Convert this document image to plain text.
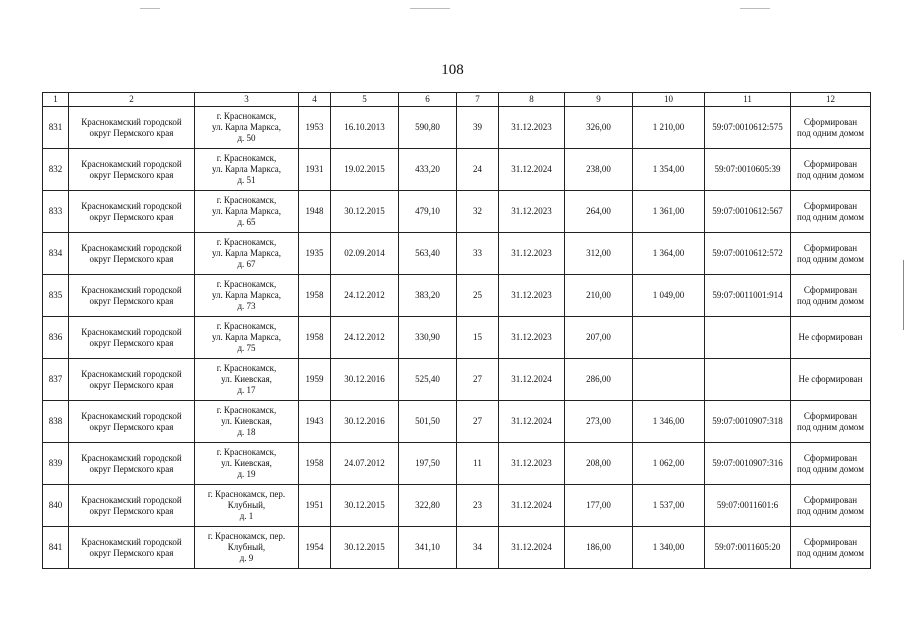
108
1	2	3	4	5	6	7	8	9	10	11	12
831	Краснокамский городской
округ Пермского края	г. Краснокамск,
ул. Карла Маркса,
д. 50	1953	16.10.2013	590,80	39	31.12.2023	326,00	1 210,00	59:07:0010612:575	Сформирован
под одним домом
832	Краснокамский городской
округ Пермского края	г. Краснокамск,
ул. Карла Маркса,
д. 51	1931	19.02.2015	433,20	24	31.12.2024	238,00	1 354,00	59:07:0010605:39	Сформирован
под одним домом
833	Краснокамский городской
округ Пермского края	г. Краснокамск,
ул. Карла Маркса,
д. 65	1948	30.12.2015	479,10	32	31.12.2023	264,00	1 361,00	59:07:0010612:567	Сформирован
под одним домом
834	Краснокамский городской
округ Пермского края	г. Краснокамск,
ул. Карла Маркса,
д. 67	1935	02.09.2014	563,40	33	31.12.2023	312,00	1 364,00	59:07:0010612:572	Сформирован
под одним домом
835	Краснокамский городской
округ Пермского края	г. Краснокамск,
ул. Карла Маркса,
д. 73	1958	24.12.2012	383,20	25	31.12.2023	210,00	1 049,00	59:07:0011001:914	Сформирован
под одним домом
836	Краснокамский городской
округ Пермского края	г. Краснокамск,
ул. Карла Маркса,
д. 75	1958	24.12.2012	330,90	15	31.12.2023	207,00			Не сформирован
837	Краснокамский городской
округ Пермского края	г. Краснокамск,
ул. Киевская,
д. 17	1959	30.12.2016	525,40	27	31.12.2024	286,00			Не сформирован
838	Краснокамский городской
округ Пермского края	г. Краснокамск,
ул. Киевская,
д. 18	1943	30.12.2016	501,50	27	31.12.2024	273,00	1 346,00	59:07:0010907:318	Сформирован
под одним домом
839	Краснокамский городской
округ Пермского края	г. Краснокамск,
ул. Киевская,
д. 19	1958	24.07.2012	197,50	11	31.12.2023	208,00	1 062,00	59:07:0010907:316	Сформирован
под одним домом
840	Краснокамский городской
округ Пермского края	г. Краснокамск, пер.
Клубный,
д. 1	1951	30.12.2015	322,80	23	31.12.2024	177,00	1 537,00	59:07:0011601:6	Сформирован
под одним домом
841	Краснокамский городской
округ Пермского края	г. Краснокамск, пер.
Клубный,
д. 9	1954	30.12.2015	341,10	34	31.12.2024	186,00	1 340,00	59:07:0011605:20	Сформирован
под одним домом
